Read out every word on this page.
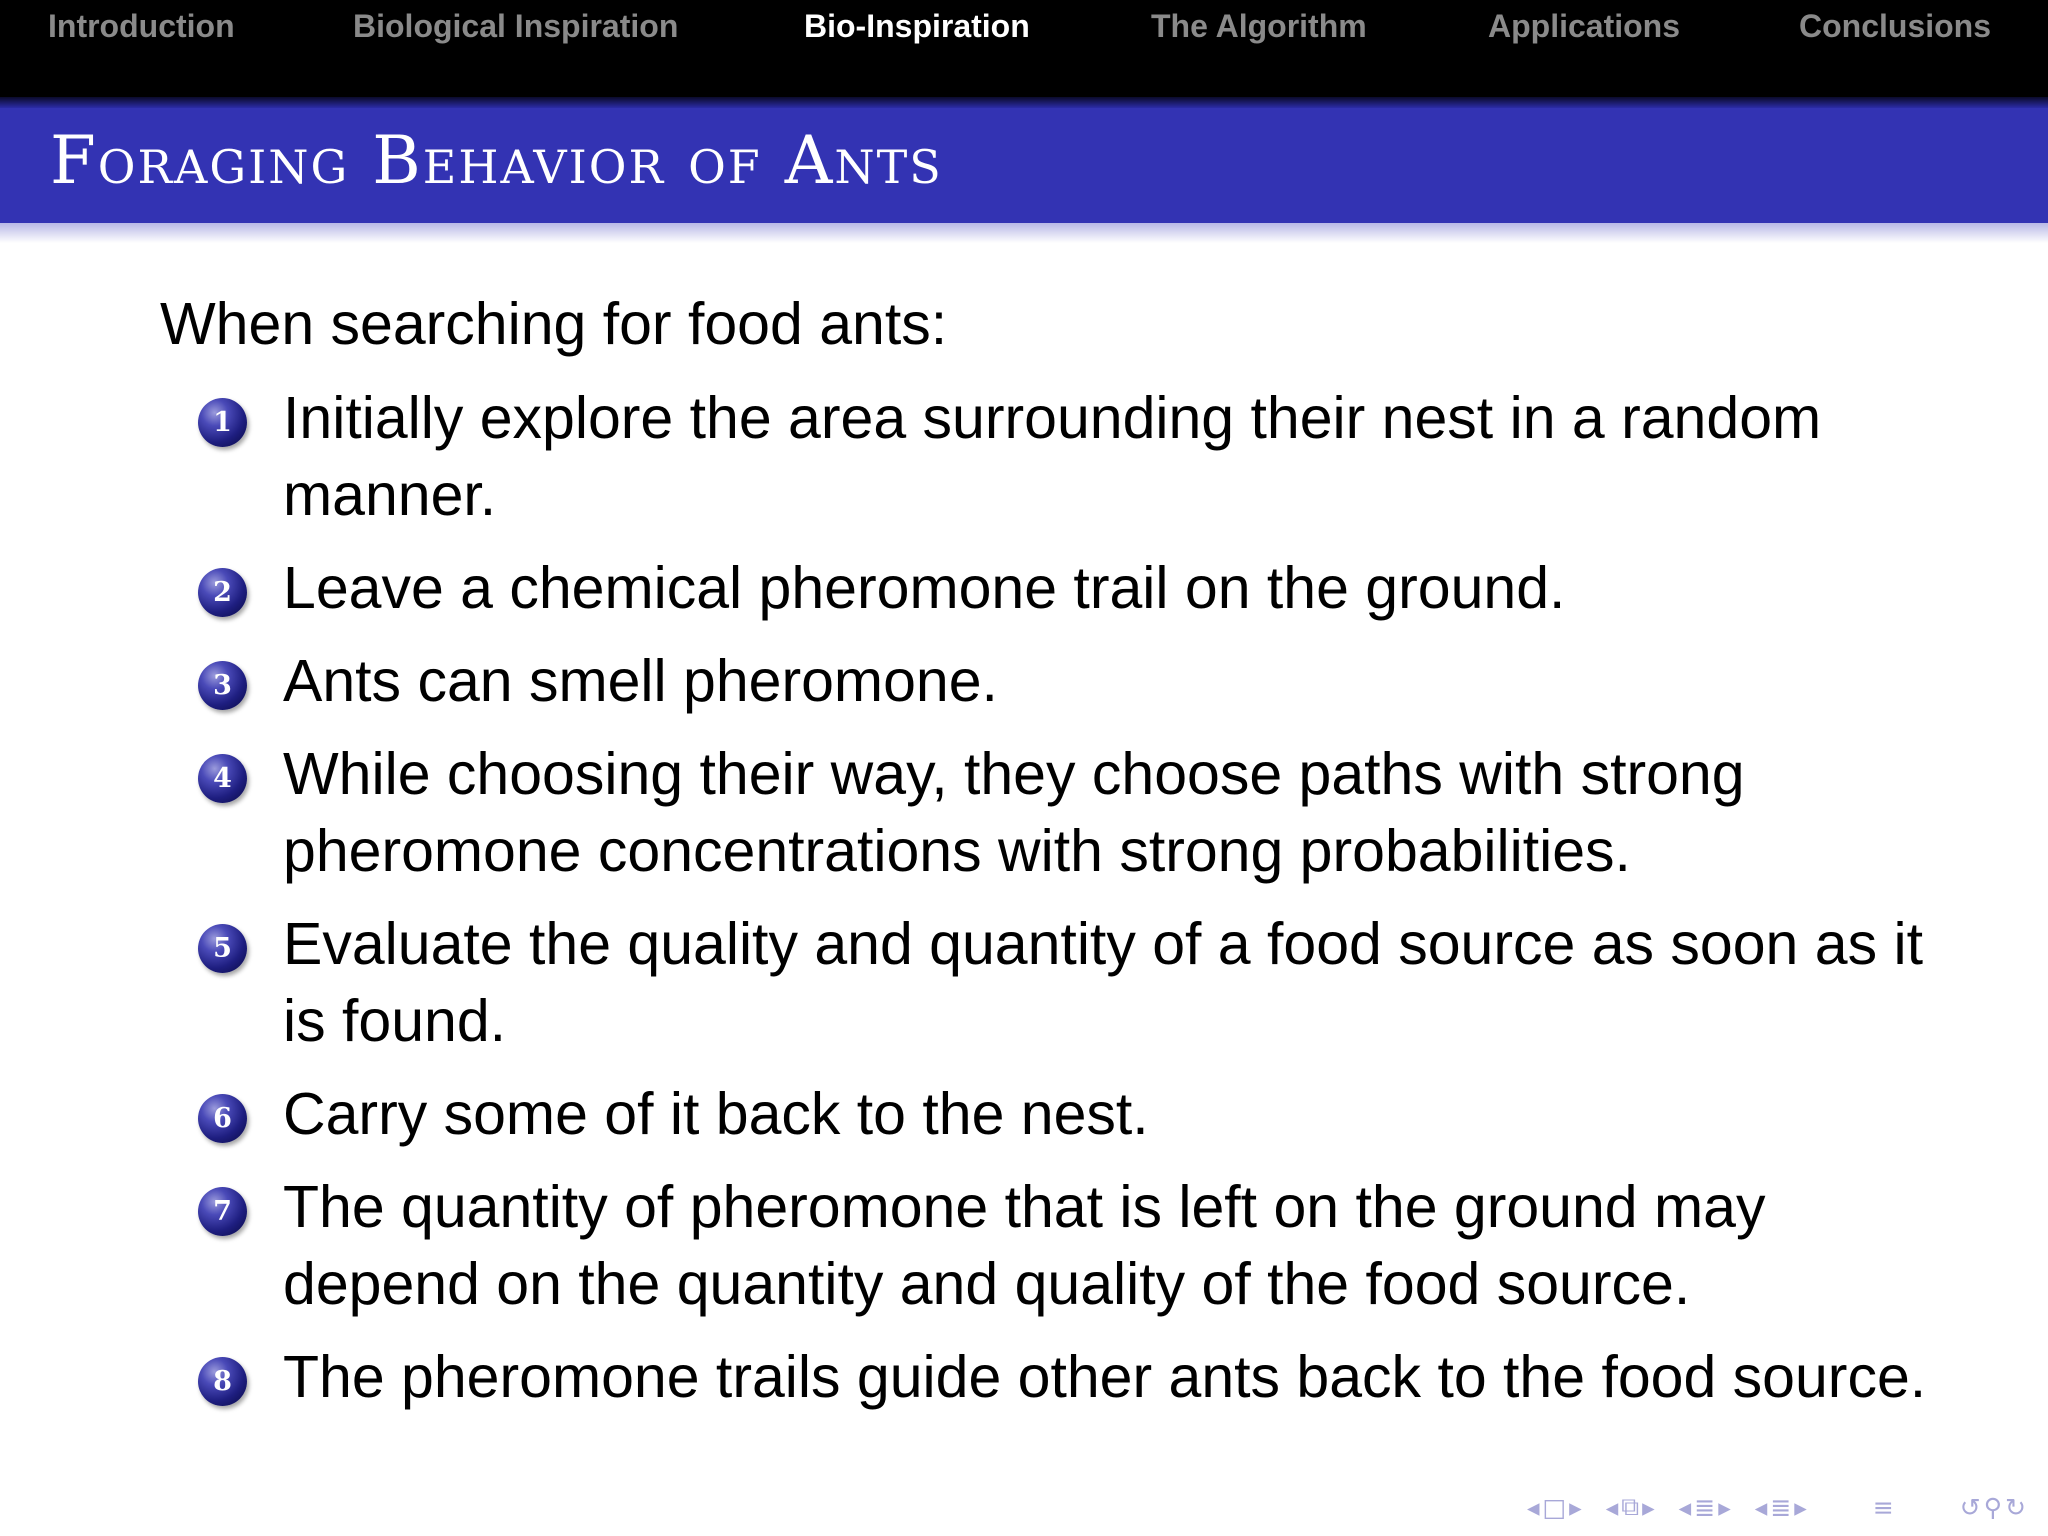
Introduction	Biological Inspiration	Bio-Inspiration	The Algorithm	Applications	Conclusions
Foraging Behavior of Ants
When searching for food ants:
1 Initially explore the area surrounding their nest in a random manner.
2 Leave a chemical pheromone trail on the ground.
3 Ants can smell pheromone.
4 While choosing their way, they choose paths with strong pheromone concentrations with strong probabilities.
5 Evaluate the quality and quantity of a food source as soon as it is found.
6 Carry some of it back to the nest.
7 The quantity of pheromone that is left on the ground may depend on the quantity and quality of the food source.
8 The pheromone trails guide other ants back to the food source.
◂ □ ▸ ◂ ⧉ ▸ ◂ ≣ ▸ ◂ ≣ ▸	≡	↺ ⚲ ↻
